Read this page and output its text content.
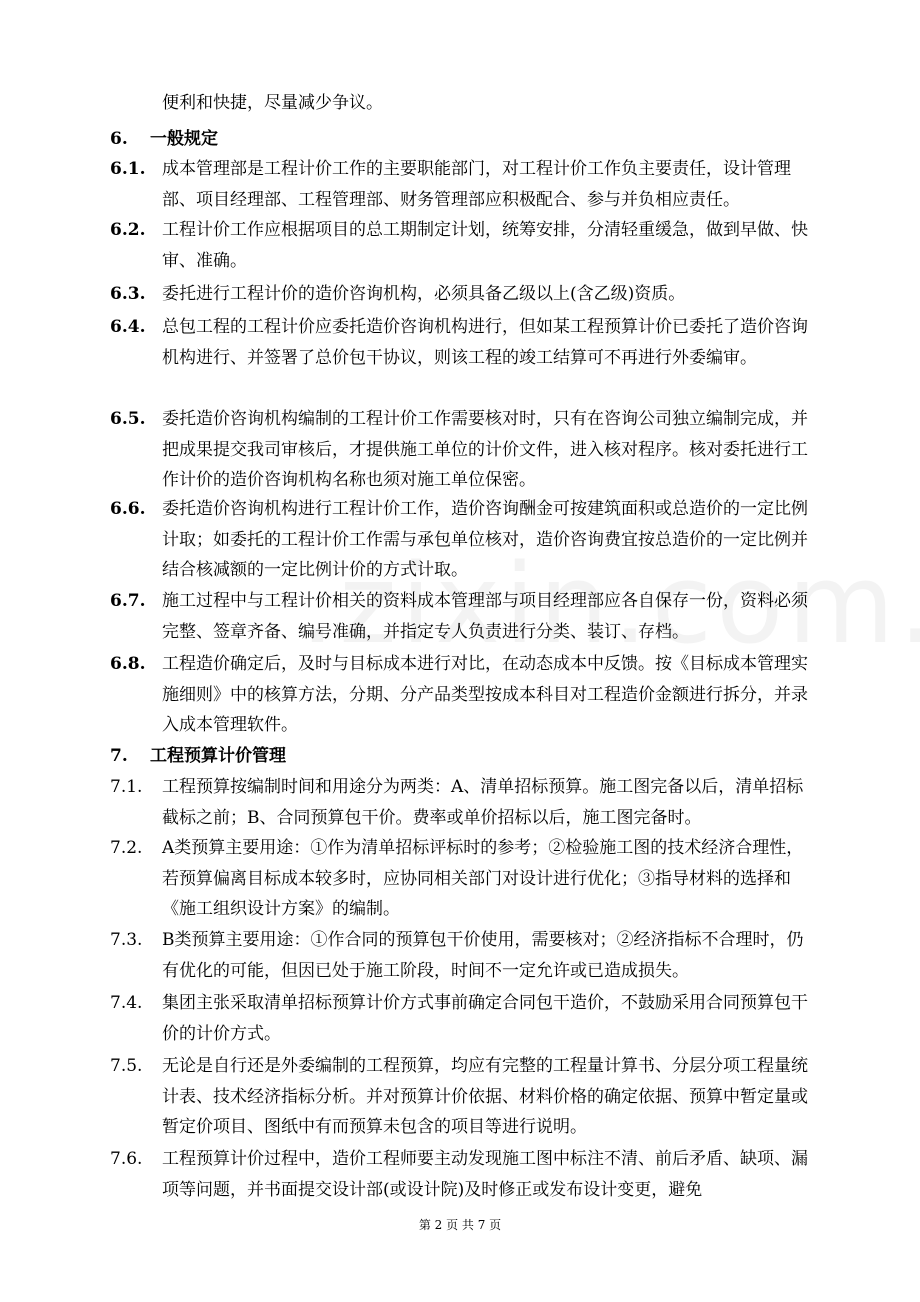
便利和快捷，尽量减少争议。
6. 一般规定
6.1. 成本管理部是工程计价工作的主要职能部门，对工程计价工作负主要责任，设计管理部、项目经理部、工程管理部、财务管理部应积极配合、参与并负相应责任。
6.2. 工程计价工作应根据项目的总工期制定计划，统筹安排，分清轻重缓急，做到早做、快审、准确。
6.3. 委托进行工程计价的造价咨询机构，必须具备乙级以上(含乙级)资质。
6.4. 总包工程的工程计价应委托造价咨询机构进行，但如某工程预算计价已委托了造价咨询机构进行、并签署了总价包干协议，则该工程的竣工结算可不再进行外委编审。
6.5. 委托造价咨询机构编制的工程计价工作需要核对时，只有在咨询公司独立编制完成，并把成果提交我司审核后，才提供施工单位的计价文件，进入核对程序。核对委托进行工作计价的造价咨询机构名称也须对施工单位保密。
6.6. 委托造价咨询机构进行工程计价工作，造价咨询酬金可按建筑面积或总造价的一定比例计取；如委托的工程计价工作需与承包单位核对，造价咨询费宜按总造价的一定比例并结合核减额的一定比例计价的方式计取。
6.7. 施工过程中与工程计价相关的资料成本管理部与项目经理部应各自保存一份，资料必须完整、签章齐备、编号准确，并指定专人负责进行分类、装订、存档。
6.8. 工程造价确定后，及时与目标成本进行对比，在动态成本中反馈。按《目标成本管理实施细则》中的核算方法，分期、分产品类型按成本科目对工程造价金额进行拆分，并录入成本管理软件。
7. 工程预算计价管理
7.1. 工程预算按编制时间和用途分为两类：A、清单招标预算。施工图完备以后，清单招标截标之前；B、合同预算包干价。费率或单价招标以后，施工图完备时。
7.2. A类预算主要用途：①作为清单招标评标时的参考；②检验施工图的技术经济合理性，若预算偏离目标成本较多时，应协同相关部门对设计进行优化；③指导材料的选择和《施工组织设计方案》的编制。
7.3. B类预算主要用途：①作合同的预算包干价使用，需要核对；②经济指标不合理时，仍有优化的可能，但因已处于施工阶段，时间不一定允许或已造成损失。
7.4. 集团主张采取清单招标预算计价方式事前确定合同包干造价，不鼓励采用合同预算包干价的计价方式。
7.5. 无论是自行还是外委编制的工程预算，均应有完整的工程量计算书、分层分项工程量统计表、技术经济指标分析。并对预算计价依据、材料价格的确定依据、预算中暂定量或暂定价项目、图纸中有而预算未包含的项目等进行说明。
7.6. 工程预算计价过程中，造价工程师要主动发现施工图中标注不清、前后矛盾、缺项、漏项等问题，并书面提交设计部(或设计院)及时修正或发布设计变更，避免
第 2 页 共 7 页
